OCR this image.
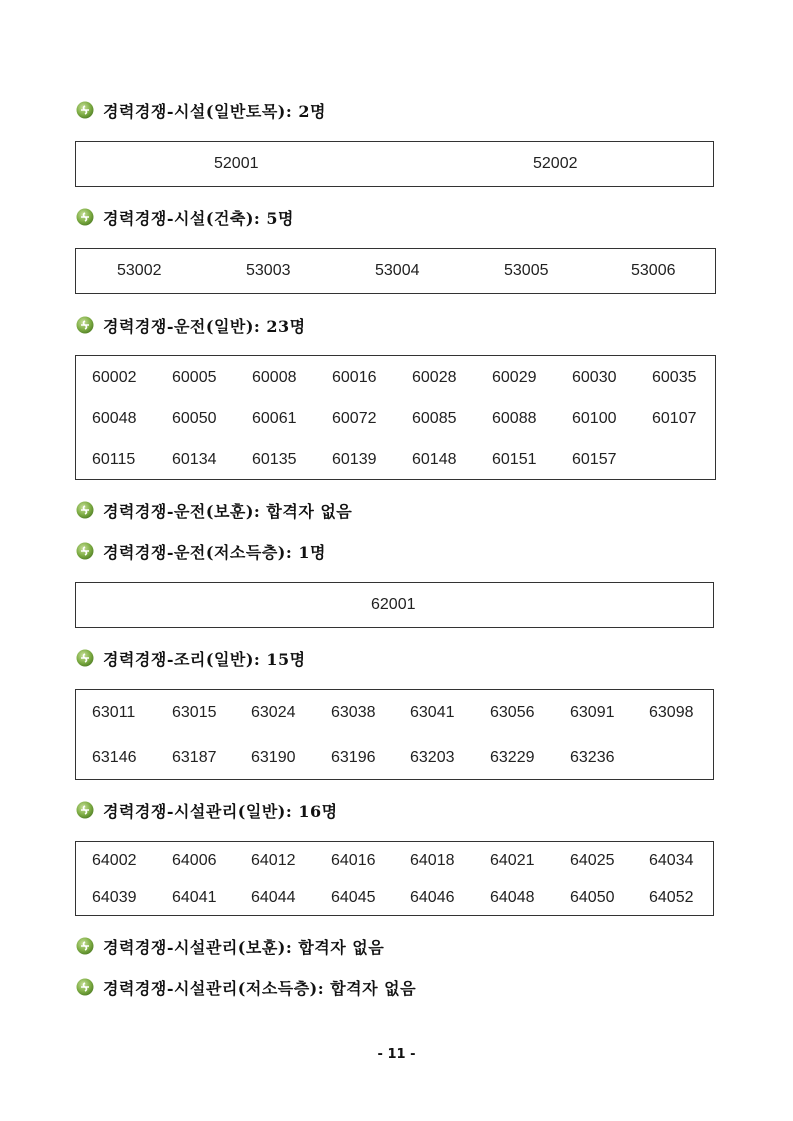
경력경쟁-시설(일반토목): 2명
52001	52002
경력경쟁-시설(건축): 5명
53002	53003	53004	53005	53006
경력경쟁-운전(일반): 23명
60002 60005 60008 60016 60028 60029 60030 60035
60048 60050 60061 60072 60085 60088 60100 60107
60115 60134 60135 60139 60148 60151 60157
경력경쟁-운전(보훈): 합격자 없음
경력경쟁-운전(저소득층): 1명
62001
경력경쟁-조리(일반): 15명
63011 63015 63024 63038 63041 63056 63091 63098
63146 63187 63190 63196 63203 63229 63236
경력경쟁-시설관리(일반): 16명
64002 64006 64012 64016 64018 64021 64025 64034
64039 64041 64044 64045 64046 64048 64050 64052
경력경쟁-시설관리(보훈): 합격자 없음
경력경쟁-시설관리(저소득층): 합격자 없음
- 11 -
